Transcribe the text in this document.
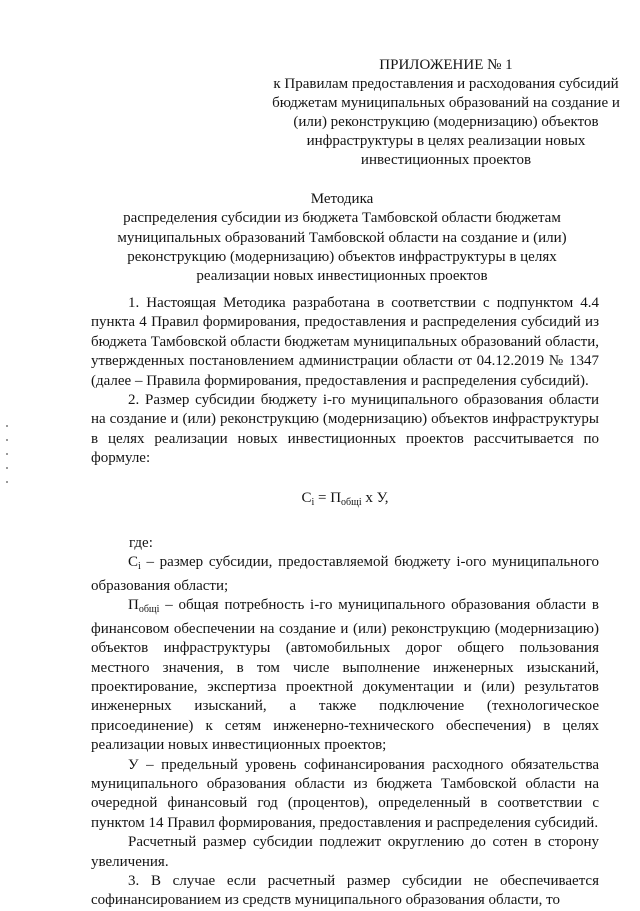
ПРИЛОЖЕНИЕ № 1
к Правилам предоставления и расходования субсидий бюджетам муниципальных образований на создание и (или) реконструкцию (модернизацию) объектов инфраструктуры в целях реализации новых инвестиционных проектов
Методика
распределения субсидии из бюджета Тамбовской области бюджетам муниципальных образований Тамбовской области на создание и (или) реконструкцию (модернизацию) объектов инфраструктуры в целях реализации новых инвестиционных проектов

1. Настоящая Методика разработана в соответствии с подпунктом 4.4 пункта 4 Правил формирования, предоставления и распределения субсидий из бюджета Тамбовской области бюджетам муниципальных образований области, утвержденных постановлением администрации области от 04.12.2019 № 1347 (далее – Правила формирования, предоставления и распределения субсидий).

2. Размер субсидии бюджету i-го муниципального образования области на создание и (или) реконструкцию (модернизацию) объектов инфраструктуры в целях реализации новых инвестиционных проектов рассчитывается по формуле:

$С_i = П_{общi}$ х У,

где:

$С_i$ – размер субсидии, предоставляемой бюджету i-ого муниципального образования области;

$П_{общi}$ – общая потребность i-го муниципального образования области в финансовом обеспечении на создание и (или) реконструкцию (модернизацию) объектов инфраструктуры (автомобильных дорог общего пользования местного значения, в том числе выполнение инженерных изысканий, проектирование, экспертиза проектной документации и (или) результатов инженерных изысканий, а также подключение (технологическое присоединение) к сетям инженерно-технического обеспечения) в целях реализации новых инвестиционных проектов;

У – предельный уровень софинансирования расходного обязательства муниципального образования области из бюджета Тамбовской области на очередной финансовый год (процентов), определенный в соответствии с пунктом 14 Правил формирования, предоставления и распределения субсидий.

Расчетный размер субсидии подлежит округлению до сотен в сторону увеличения.

3. В случае если расчетный размер субсидии не обеспечивается софинансированием из средств муниципального образования области, то
